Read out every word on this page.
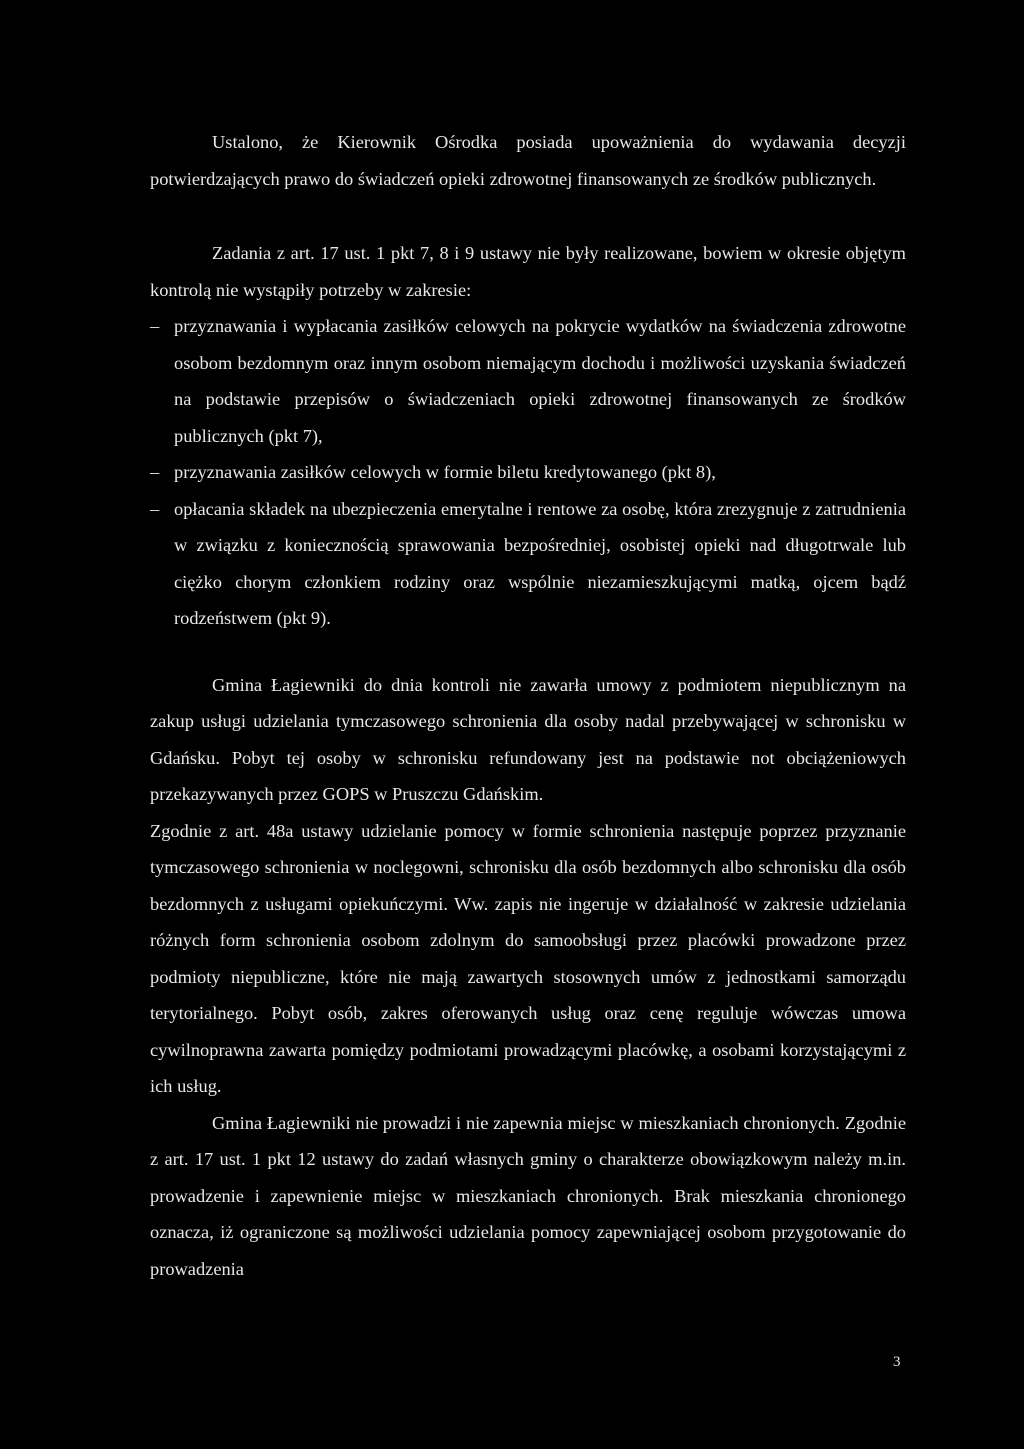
Ustalono, że Kierownik Ośrodka posiada upoważnienia do wydawania decyzji potwierdzających prawo do świadczeń opieki zdrowotnej finansowanych ze środków publicznych.

Zadania z art. 17 ust. 1 pkt 7, 8 i 9 ustawy nie były realizowane, bowiem w okresie objętym kontrolą nie wystąpiły potrzeby w zakresie:

– przyznawania i wypłacania zasiłków celowych na pokrycie wydatków na świadczenia zdrowotne osobom bezdomnym oraz innym osobom niemającym dochodu i możliwości uzyskania świadczeń na podstawie przepisów o świadczeniach opieki zdrowotnej finansowanych ze środków publicznych (pkt 7),
– przyznawania zasiłków celowych w formie biletu kredytowanego (pkt 8),
– opłacania składek na ubezpieczenia emerytalne i rentowe za osobę, która zrezygnuje z zatrudnienia w związku z koniecznością sprawowania bezpośredniej, osobistej opieki nad długotrwale lub ciężko chorym członkiem rodziny oraz wspólnie niezamieszkującymi matką, ojcem bądź rodzeństwem (pkt 9).

Gmina Łagiewniki do dnia kontroli nie zawarła umowy z podmiotem niepublicznym na zakup usługi udzielania tymczasowego schronienia dla osoby nadal przebywającej w schronisku w Gdańsku. Pobyt tej osoby w schronisku refundowany jest na podstawie not obciążeniowych przekazywanych przez GOPS w Pruszczu Gdańskim.

Zgodnie z art. 48a ustawy udzielanie pomocy w formie schronienia następuje poprzez przyznanie tymczasowego schronienia w noclegowni, schronisku dla osób bezdomnych albo schronisku dla osób bezdomnych z usługami opiekuńczymi. Ww. zapis nie ingeruje w działalność w zakresie udzielania różnych form schronienia osobom zdolnym do samoobsługi przez placówki prowadzone przez podmioty niepubliczne, które nie mają zawartych stosownych umów z jednostkami samorządu terytorialnego. Pobyt osób, zakres oferowanych usług oraz cenę reguluje wówczas umowa cywilnoprawna zawarta pomiędzy podmiotami prowadzącymi placówkę, a osobami korzystającymi z ich usług.

Gmina Łagiewniki nie prowadzi i nie zapewnia miejsc w mieszkaniach chronionych. Zgodnie z art. 17 ust. 1 pkt 12 ustawy do zadań własnych gminy o charakterze obowiązkowym należy m.in. prowadzenie i zapewnienie miejsc w mieszkaniach chronionych. Brak mieszkania chronionego oznacza, iż ograniczone są możliwości udzielania pomocy zapewniającej osobom przygotowanie do prowadzenia

3
